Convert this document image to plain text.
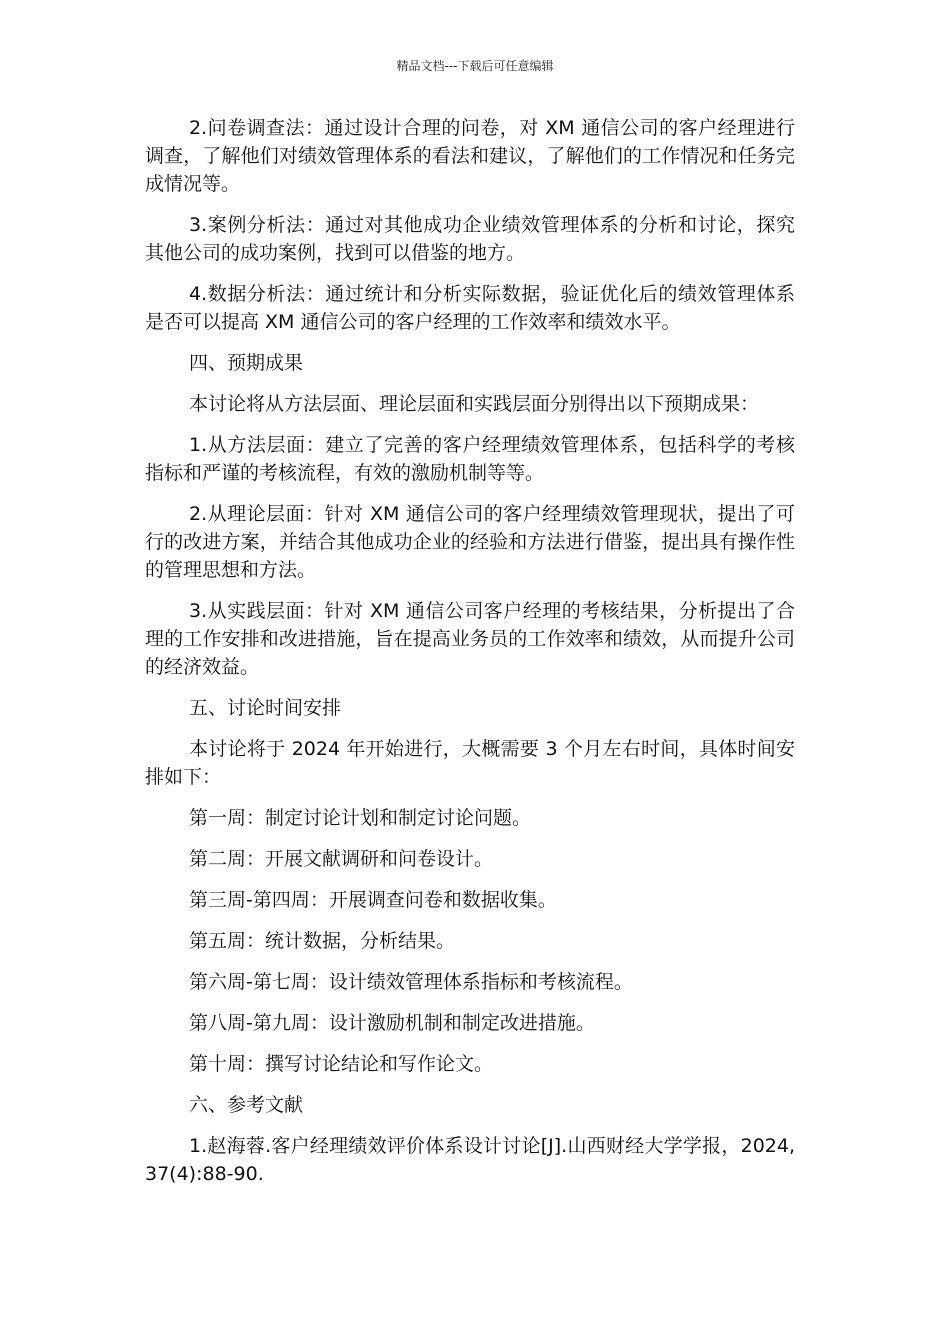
精品文档---下载后可任意编辑

2.问卷调查法：通过设计合理的问卷，对 XM 通信公司的客户经理进行调查，了解他们对绩效管理体系的看法和建议，了解他们的工作情况和任务完成情况等。

3.案例分析法：通过对其他成功企业绩效管理体系的分析和讨论，探究其他公司的成功案例，找到可以借鉴的地方。

4.数据分析法：通过统计和分析实际数据，验证优化后的绩效管理体系是否可以提高 XM 通信公司的客户经理的工作效率和绩效水平。

四、预期成果

本讨论将从方法层面、理论层面和实践层面分别得出以下预期成果：

1.从方法层面：建立了完善的客户经理绩效管理体系，包括科学的考核指标和严谨的考核流程，有效的激励机制等等。

2.从理论层面：针对 XM 通信公司的客户经理绩效管理现状，提出了可行的改进方案，并结合其他成功企业的经验和方法进行借鉴，提出具有操作性的管理思想和方法。

3.从实践层面：针对 XM 通信公司客户经理的考核结果，分析提出了合理的工作安排和改进措施，旨在提高业务员的工作效率和绩效，从而提升公司的经济效益。

五、讨论时间安排

本讨论将于 2024 年开始进行，大概需要 3 个月左右时间，具体时间安排如下：

第一周：制定讨论计划和制定讨论问题。

第二周：开展文献调研和问卷设计。

第三周-第四周：开展调查问卷和数据收集。

第五周：统计数据，分析结果。

第六周-第七周：设计绩效管理体系指标和考核流程。

第八周-第九周：设计激励机制和制定改进措施。

第十周：撰写讨论结论和写作论文。

六、参考文献

1.赵海蓉.客户经理绩效评价体系设计讨论[J].山西财经大学学报，2024, 37(4):88-90.
